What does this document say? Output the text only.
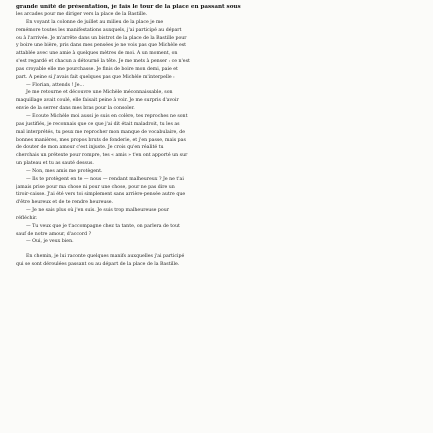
grande unité de présentation, je fais le tour de la place en passant sous

les arcades pour me diriger vers la place de la Bastille.

En voyant la colonne de juillet au milieu de la place je me

remémore toutes les manifestations auxquels, j'ai participé au départ

ou à l'arrivée. Je m'arrête dans un bistrot de la place de la Bastille pour

y boire une bière, pris dans mes pensées je ne vois pas que Michèle est

attablée avec une amie à quelques mètres de moi. À un moment, on

s'est regardé et chacun a détourné la tête. Je me mets à penser : ce n'est

pas croyable elle me pourchasse. Je finis de boire mon demi, paie et

part. À peine si j'avais fait quelques pas que Michèle m'interpelle :

— Florian, attends ! Je...

Je me retourne et découvre une Michèle méconnaissable, son

maquillage avait coulé, elle faisait peine à voir. Je me surpris d'avoir

envie de la serrer dans mes bras pour la consoler.

— Écoute Michèle moi aussi je suis en colère, tes reproches ne sont

pas justifiés, je reconnais que ce que j'ai dit était maladroit, tu les as

mal interprétés, tu peux me reprocher mon manque de vocabulaire, de

bonnes manières, mes propos bruts de fonderie, et j'en passe, mais pas

de douter de mon amour c'est injuste. Je crois qu'en réalité tu

cherchais un prétexte pour rompre, tes « amis » t'en ont apporté un sur

un plateau et tu as sauté dessus.

— Non, mes amis me protègent.

— Ils te protègent en te — nous — rendant malheureux ? Je ne t'ai

jamais prise pour ma chose ni pour une chose, pour ne pas dire un

tiroir-caisse. J'ai été vers toi simplement sans arrière-pensée autre que

d'être heureux et de te rendre heureuse.

— Je ne sais plus où j'en suis. Je suis trop malheureuse pour

réfléchir.

— Tu veux que je t'accompagne chez ta tante, on parlera de tout

sauf de notre amour, d'accord ?

— Oui, je veux bien.

En chemin, je lui raconte quelques manifs auxquelles j'ai participé

qui se sont déroulées passant ou au départ de la place de la Bastille.
